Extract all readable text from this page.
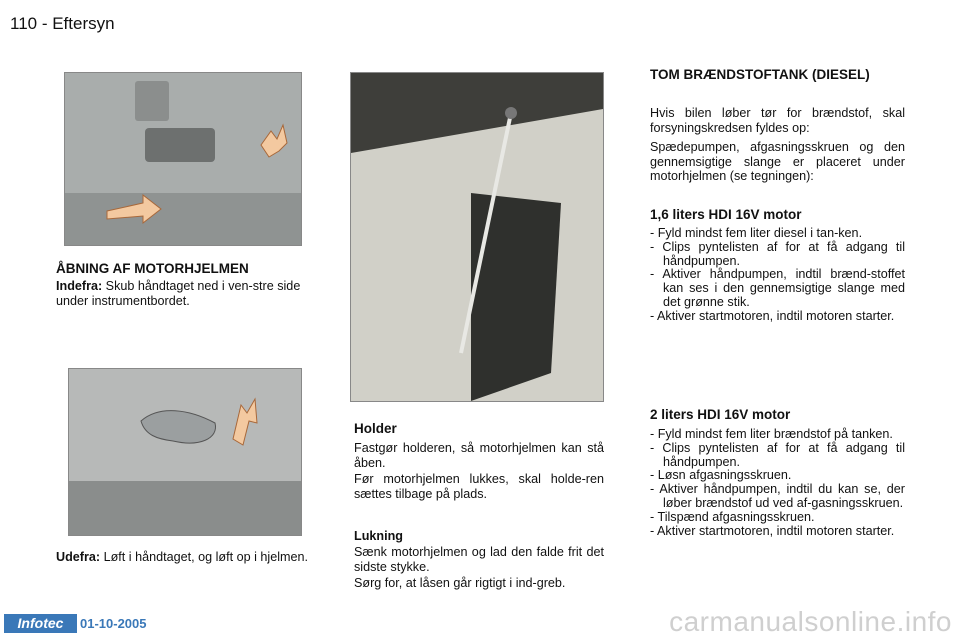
110 - Eftersyn
ÅBNING AF MOTORHJELMEN
Indefra: Skub håndtaget ned i ven-stre side under instrumentbordet.
Udefra: Løft i håndtaget, og løft op i hjelmen.
Holder
Fastgør holderen, så motorhjelmen kan stå åben.
Før motorhjelmen lukkes, skal holde-ren sættes tilbage på plads.
Lukning
Sænk motorhjelmen og lad den falde frit det sidste stykke.
Sørg for, at låsen går rigtigt i ind-greb.
TOM BRÆNDSTOFTANK (DIESEL)
Hvis bilen løber tør for brændstof, skal forsyningskredsen fyldes op:
Spædepumpen, afgasningsskruen og den gennemsigtige slange er placeret under motorhjelmen (se tegningen):
1,6 liters HDI 16V motor

- Fyld mindst fem liter diesel i tan-ken.

- Clips pyntelisten af for at få adgang til håndpumpen.

- Aktiver håndpumpen, indtil brænd-stoffet kan ses i den gennemsigtige slange med det grønne stik.

- Aktiver startmotoren, indtil motoren starter.

2 liters HDI 16V motor

- Fyld mindst fem liter brændstof på tanken.

- Clips pyntelisten af for at få adgang til håndpumpen.

- Løsn afgasningsskruen.

- Aktiver håndpumpen, indtil du kan se, der løber brændstof ud ved af-gasningsskruen.

- Tilspænd afgasningsskruen.

- Aktiver startmotoren, indtil motoren starter.

Infotec	01-10-2005	carmanualsonline.info
